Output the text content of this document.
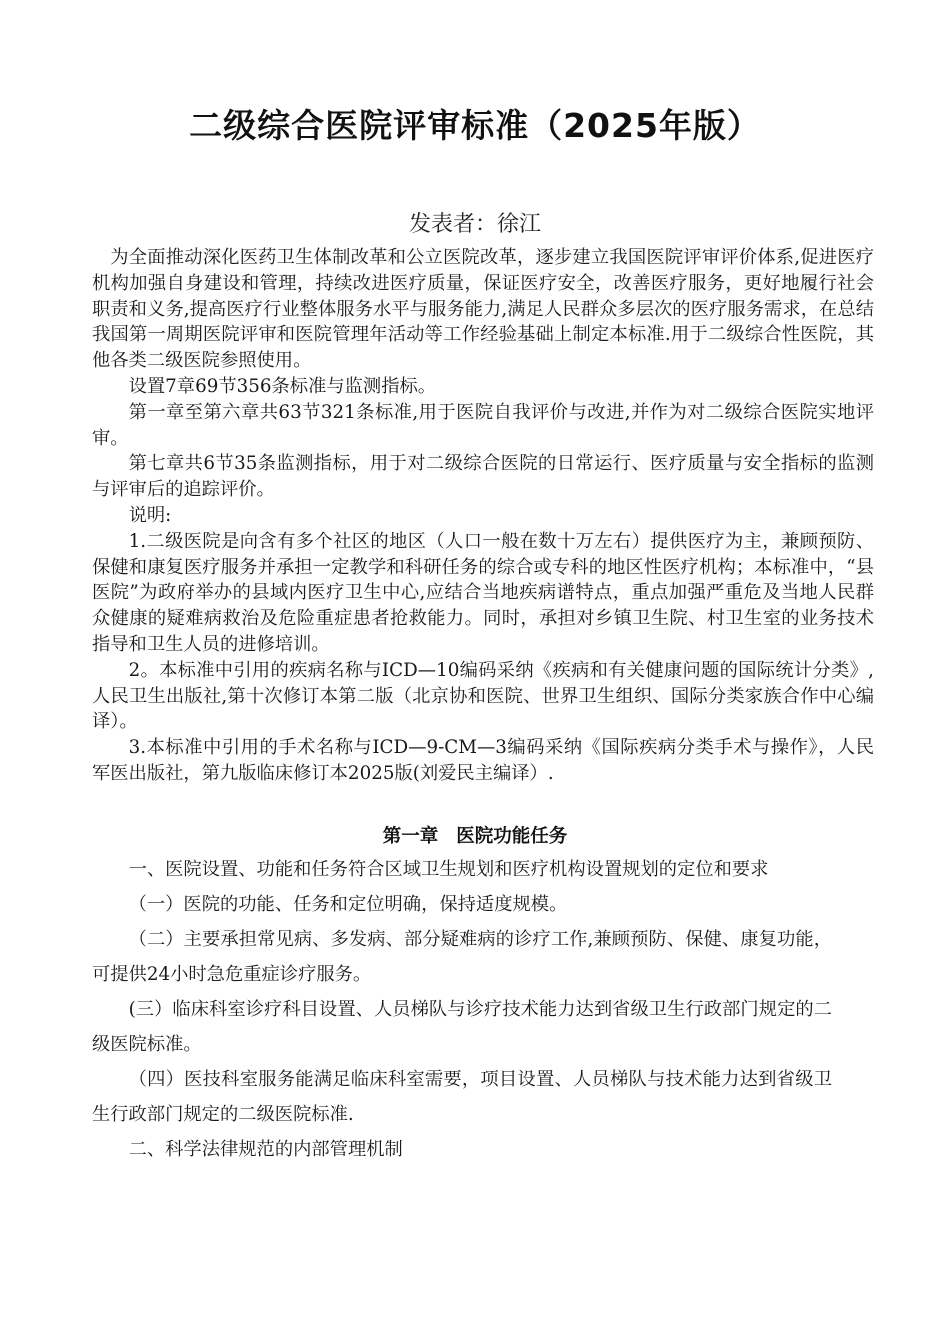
二级综合医院评审标准（2025年版）
发表者：徐江

为全面推动深化医药卫生体制改革和公立医院改革，逐步建立我国医院评审评价体系,促进医疗机构加强自身建设和管理，持续改进医疗质量，保证医疗安全，改善医疗服务，更好地履行社会职责和义务,提高医疗行业整体服务水平与服务能力,满足人民群众多层次的医疗服务需求，在总结我国第一周期医院评审和医院管理年活动等工作经验基础上制定本标准.用于二级综合性医院，其他各类二级医院参照使用。

设置7章69节356条标准与监测指标。

第一章至第六章共63节321条标准,用于医院自我评价与改进,并作为对二级综合医院实地评审。

第七章共6节35条监测指标，用于对二级综合医院的日常运行、医疗质量与安全指标的监测与评审后的追踪评价。

说明:

1.二级医院是向含有多个社区的地区（人口一般在数十万左右）提供医疗为主，兼顾预防、保健和康复医疗服务并承担一定教学和科研任务的综合或专科的地区性医疗机构；本标准中，“县医院”为政府举办的县域内医疗卫生中心,应结合当地疾病谱特点，重点加强严重危及当地人民群众健康的疑难病救治及危险重症患者抢救能力。同时，承担对乡镇卫生院、村卫生室的业务技术指导和卫生人员的进修培训。

2。本标准中引用的疾病名称与ICD—10编码采纳《疾病和有关健康问题的国际统计分类》,人民卫生出版社,第十次修订本第二版（北京协和医院、世界卫生组织、国际分类家族合作中心编译）。

3.本标准中引用的手术名称与ICD—9-CM—3编码采纳《国际疾病分类手术与操作》，人民军医出版社，第九版临床修订本2025版(刘爱民主编译）.

第一章 医院功能任务

一、医院设置、功能和任务符合区域卫生规划和医疗机构设置规划的定位和要求

（一）医院的功能、任务和定位明确，保持适度规模。

（二）主要承担常见病、多发病、部分疑难病的诊疗工作,兼顾预防、保健、康复功能，可提供24小时急危重症诊疗服务。

(三）临床科室诊疗科目设置、人员梯队与诊疗技术能力达到省级卫生行政部门规定的二级医院标准。

（四）医技科室服务能满足临床科室需要，项目设置、人员梯队与技术能力达到省级卫生行政部门规定的二级医院标准.

二、科学法律规范的内部管理机制
